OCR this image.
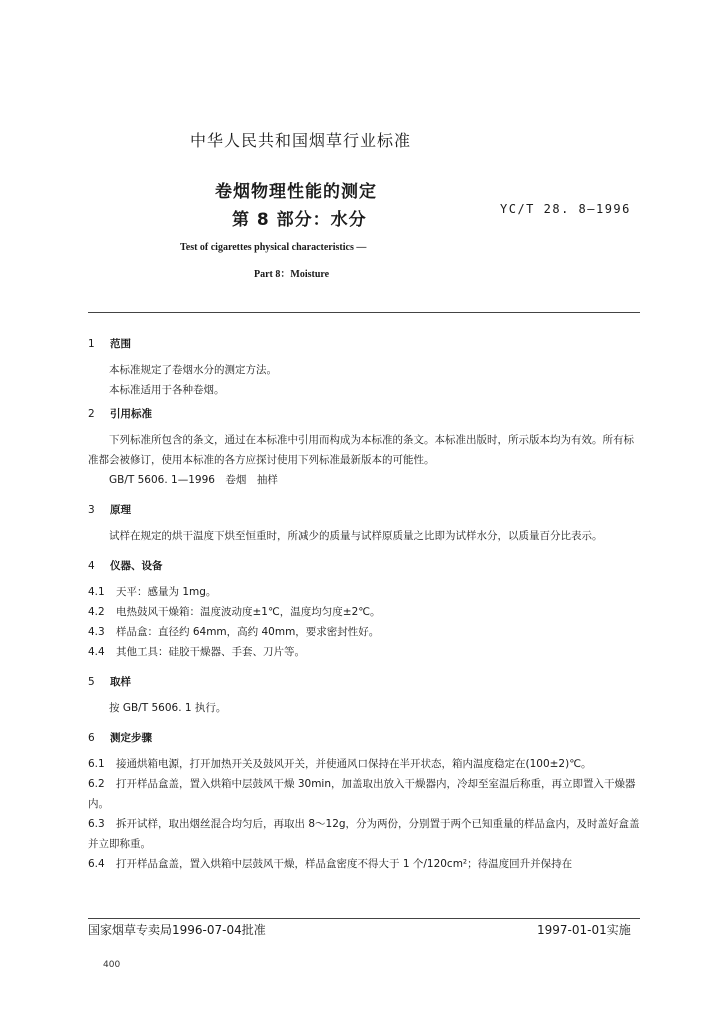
中华人民共和国烟草行业标准
卷烟物理性能的测定
第 8 部分：水分
YC/T 28. 8—1996
Test of cigarettes physical characteristics —
Part 8：Moisture
1 范围
本标准规定了卷烟水分的测定方法。
本标准适用于各种卷烟。
2 引用标准
下列标准所包含的条文，通过在本标准中引用而构成为本标准的条文。本标准出版时，所示版本均为有效。所有标准都会被修订，使用本标准的各方应探讨使用下列标准最新版本的可能性。
GB/T 5606. 1—1996　卷烟　抽样
3 原理
试样在规定的烘干温度下烘至恒重时，所减少的质量与试样原质量之比即为试样水分，以质量百分比表示。
4 仪器、设备
4.1 天平：感量为 1mg。
4.2 电热鼓风干燥箱：温度波动度±1℃，温度均匀度±2℃。
4.3 样品盒：直径约 64mm，高约 40mm，要求密封性好。
4.4 其他工具：硅胶干燥器、手套、刀片等。
5 取样
按 GB/T 5606. 1 执行。
6 测定步骤
6.1 接通烘箱电源，打开加热开关及鼓风开关，并使通风口保持在半开状态，箱内温度稳定在(100±2)℃。
6.2 打开样品盒盖，置入烘箱中层鼓风干燥 30min，加盖取出放入干燥器内，冷却至室温后称重，再立即置入干燥器内。
6.3 拆开试样，取出烟丝混合均匀后，再取出 8～12g，分为两份，分别置于两个已知重量的样品盒内，及时盖好盒盖并立即称重。
6.4 打开样品盒盖，置入烘箱中层鼓风干燥，样品盒密度不得大于 1 个/120cm²；待温度回升并保持在
国家烟草专卖局1996-07-04批准	1997-01-01实施
400
